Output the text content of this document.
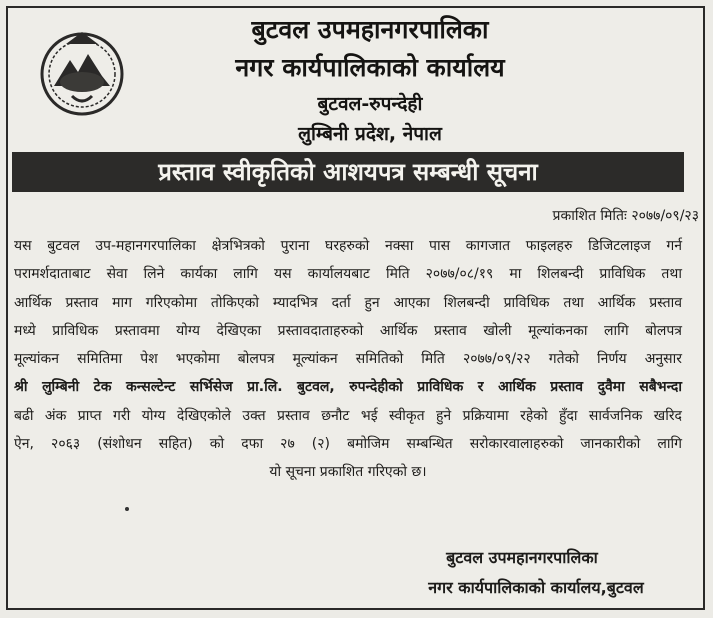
बुटवल उपमहानगरपालिका
नगर कार्यपालिकाको कार्यालय
बुटवल-रुपन्देही
लुम्बिनी प्रदेश, नेपाल
प्रस्ताव स्वीकृतिको आशयपत्र सम्बन्धी सूचना
प्रकाशित मितिः २०७७/०९/२३
यस बुटवल उप-महानगरपालिका क्षेत्रभित्रको पुराना घरहरुको नक्सा पास कागजात फाइलहरु डिजिटलाइज गर्न
परामर्शदाताबाट सेवा लिने कार्यका लागि यस कार्यालयबाट मिति २०७७/०८/१९ मा शिलबन्दी प्राविधिक तथा
आर्थिक प्रस्ताव माग गरिएकोमा तोकिएको म्यादभित्र दर्ता हुन आएका शिलबन्दी प्राविधिक तथा आर्थिक प्रस्ताव
मध्ये प्राविधिक प्रस्तावमा योग्य देखिएका प्रस्तावदाताहरुको आर्थिक प्रस्ताव खोली मूल्यांकनका लागि बोलपत्र
मूल्यांकन समितिमा पेश भएकोमा बोलपत्र मूल्यांकन समितिको मिति २०७७/०९/२२ गतेको निर्णय अनुसार
श्री लुम्बिनी टेक कन्सल्टेन्ट सर्भिसेज प्रा.लि. बुटवल, रुपन्देहीको प्राविधिक र आर्थिक प्रस्ताव दुवैमा सबैभन्दा
बढी अंक प्राप्त गरी योग्य देखिएकोले उक्त प्रस्ताव छनौट भई स्वीकृत हुने प्रक्रियामा रहेको हुँदा सार्वजनिक खरिद
ऐन, २०६३ (संशोधन सहित) को दफा २७ (२) बमोजिम सम्बन्धित सरोकारवालाहरुको जानकारीको लागि
यो सूचना प्रकाशित गरिएको छ।
बुटवल उपमहानगरपालिका
नगर कार्यपालिकाको कार्यालय,बुटवल
